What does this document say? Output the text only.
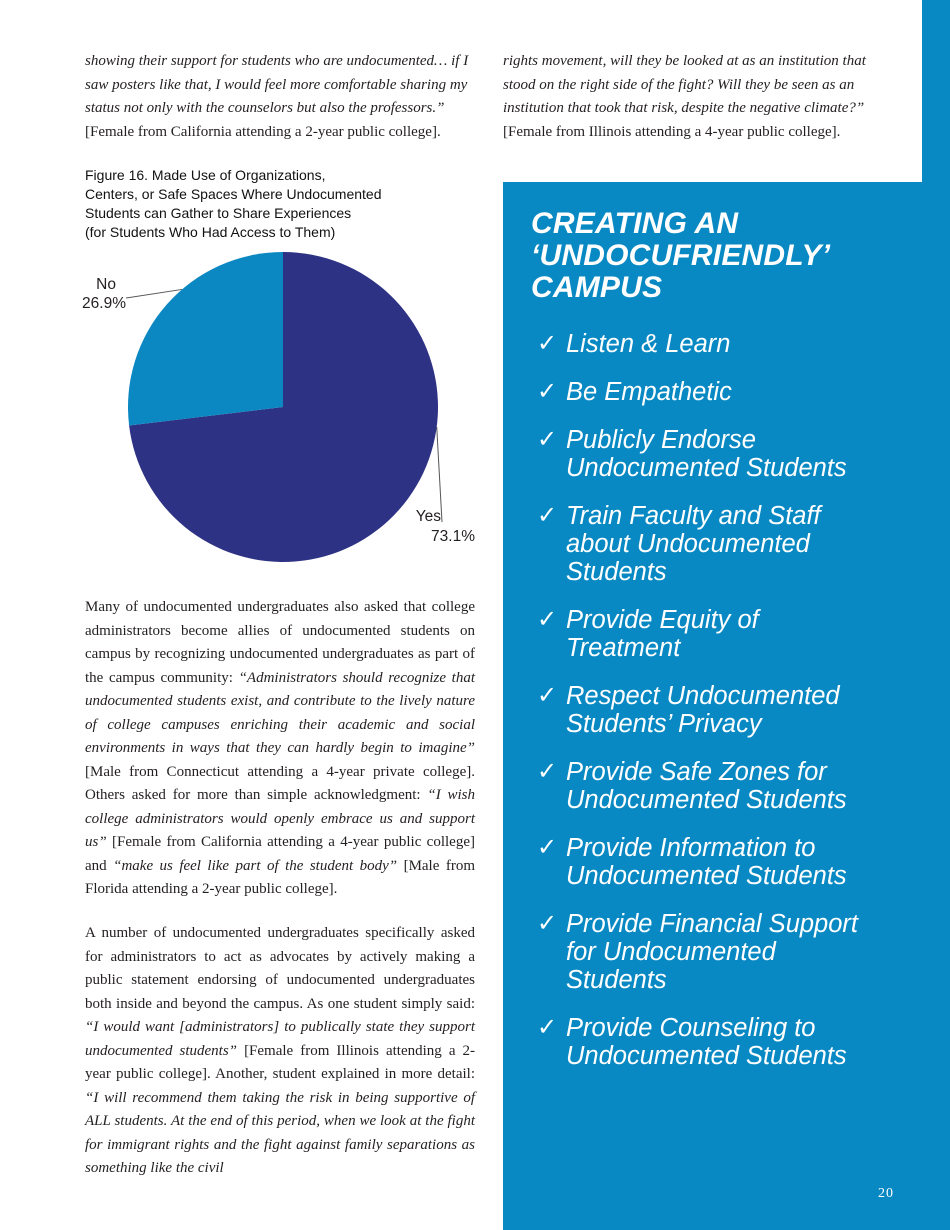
showing their support for students who are undocumented… if I saw posters like that, I would feel more comfortable sharing my status not only with the counselors but also the professors.” [Female from California attending a 2-year public college].

rights movement, will they be looked at as an institution that stood on the right side of the fight? Will they be seen as an institution that took that risk, despite the negative climate?” [Female from Illinois attending a 4-year public college].

Figure 16. Made Use of Organizations,
Centers, or Safe Spaces Where Undocumented
Students can Gather to Share Experiences
(for Students Who Had Access to Them)
Yes
73.1%
No
26.9%

Many of undocumented undergraduates also asked that college administrators become allies of undocumented students on campus by recognizing undocumented undergraduates as part of the campus community: “Administrators should recognize that undocumented students exist, and contribute to the lively nature of college campuses enriching their academic and social environments in ways that they can hardly begin to imagine” [Male from Connecticut attending a 4-year private college]. Others asked for more than simple acknowledgment: “I wish college administrators would openly embrace us and support us” [Female from California attending a 4-year public college] and “make us feel like part of the student body” [Male from Florida attending a 2-year public college].

A number of undocumented undergraduates specifically asked for administrators to act as advocates by actively making a public statement endorsing of undocumented undergraduates both inside and beyond the campus. As one student simply said: “I would want [administrators] to publically state they support undocumented students” [Female from Illinois attending a 2-year public college]. Another, student explained in more detail: “I will recommend them taking the risk in being supportive of ALL students. At the end of this period, when we look at the fight for immigrant rights and the fight against family separations as something like the civil

CREATING AN
‘UNDOCUFRIENDLY’
CAMPUS
✓ Listen & Learn
✓ Be Empathetic
✓ Publicly Endorse
Undocumented Students
✓ Train Faculty and Staff
about Undocumented
Students
✓ Provide Equity of
Treatment
✓ Respect Undocumented
Students’ Privacy
✓ Provide Safe Zones for
Undocumented Students
✓ Provide Information to
Undocumented Students
✓ Provide Financial Support
for Undocumented
Students
✓ Provide Counseling to
Undocumented Students
20
